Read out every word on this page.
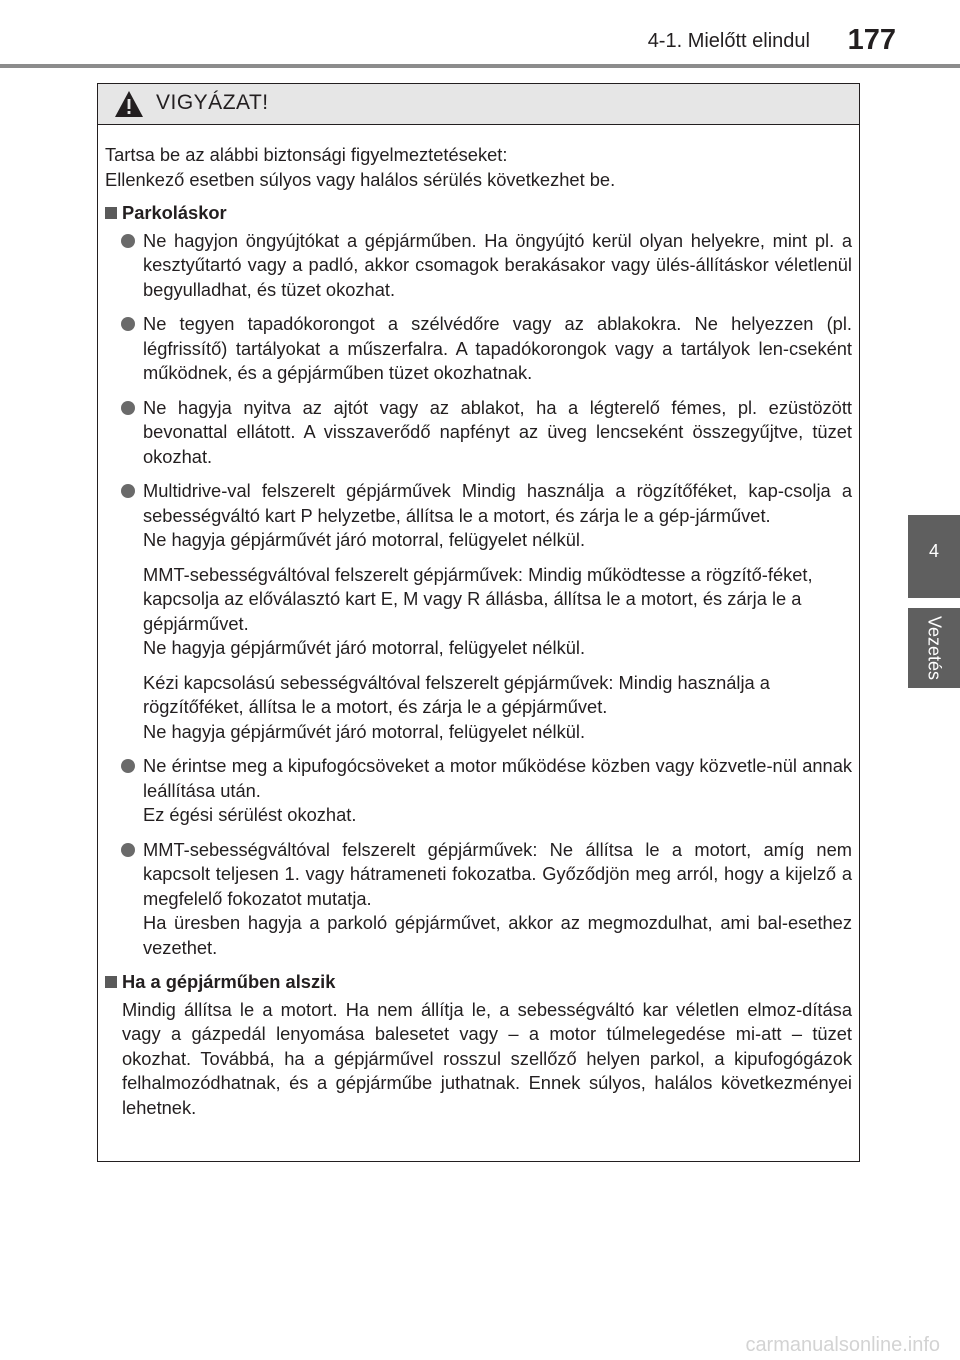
4-1. Mielőtt elindul	177
4
Vezetés
VIGYÁZAT!
Tartsa be az alábbi biztonsági figyelmeztetéseket:
Ellenkező esetben súlyos vagy halálos sérülés következhet be.
Parkoláskor

Ne hagyjon öngyújtókat a gépjárműben. Ha öngyújtó kerül olyan helyekre, mint pl. a kesztyűtartó vagy a padló, akkor csomagok berakásakor vagy ülés-állításkor véletlenül begyulladhat, és tüzet okozhat.

Ne tegyen tapadókorongot a szélvédőre vagy az ablakokra. Ne helyezzen (pl. légfrissítő) tartályokat a műszerfalra. A tapadókorongok vagy a tartályok len-cseként működnek, és a gépjárműben tüzet okozhatnak.

Ne hagyja nyitva az ajtót vagy az ablakot, ha a légterelő fémes, pl. ezüstözött bevonattal ellátott. A visszaverődő napfényt az üveg lencseként összegyűjtve, tüzet okozhat.

Multidrive-val felszerelt gépjárművek Mindig használja a rögzítőféket, kap-csolja a sebességváltó kart P helyzetbe, állítsa le a motort, és zárja le a gép-járművet.

Ne hagyja gépjárművét járó motorral, felügyelet nélkül.

MMT-sebességváltóval felszerelt gépjárművek: Mindig működtesse a rögzítő-féket, kapcsolja az előválasztó kart E, M vagy R állásba, állítsa le a motort, és zárja le a gépjárművet.

Ne hagyja gépjárművét járó motorral, felügyelet nélkül.

Kézi kapcsolású sebességváltóval felszerelt gépjárművek: Mindig használja a rögzítőféket, állítsa le a motort, és zárja le a gépjárművet.

Ne hagyja gépjárművét járó motorral, felügyelet nélkül.

Ne érintse meg a kipufogócsöveket a motor működése közben vagy közvetle-nül annak leállítása után.

Ez égési sérülést okozhat.

MMT-sebességváltóval felszerelt gépjárművek: Ne állítsa le a motort, amíg nem kapcsolt teljesen 1. vagy hátrameneti fokozatba. Győződjön meg arról, hogy a kijelző a megfelelő fokozatot mutatja.

Ha üresben hagyja a parkoló gépjárművet, akkor az megmozdulhat, ami bal-esethez vezethet.

Ha a gépjárműben alszik
Mindig állítsa le a motort. Ha nem állítja le, a sebességváltó kar véletlen elmoz-dítása vagy a gázpedál lenyomása balesetet vagy – a motor túlmelegedése mi-att – tüzet okozhat. Továbbá, ha a gépjárművel rosszul szellőző helyen parkol, a kipufogógázok felhalmozódhatnak, és a gépjárműbe juthatnak. Ennek súlyos, halálos következményei lehetnek.
carmanualsonline.info
